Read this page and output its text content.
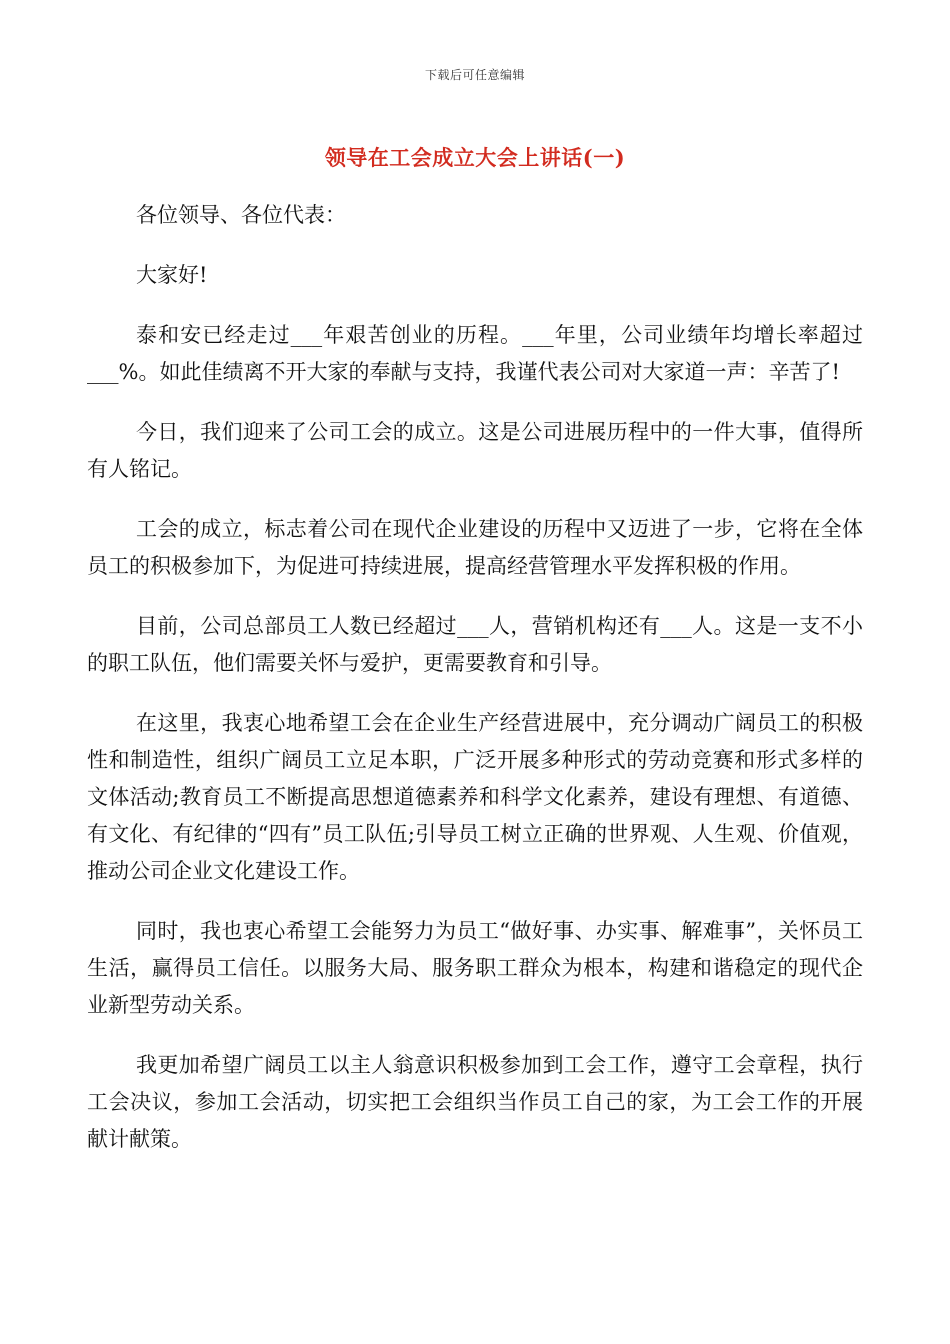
下载后可任意编辑
领导在工会成立大会上讲话(一)

各位领导、各位代表：

大家好!

泰和安已经走过___年艰苦创业的历程。___年里，公司业绩年均增长率超过___%。如此佳绩离不开大家的奉献与支持，我谨代表公司对大家道一声：辛苦了!

今日，我们迎来了公司工会的成立。这是公司进展历程中的一件大事，值得所有人铭记。

工会的成立，标志着公司在现代企业建设的历程中又迈进了一步，它将在全体员工的积极参加下，为促进可持续进展，提高经营管理水平发挥积极的作用。

目前，公司总部员工人数已经超过___人，营销机构还有___人。这是一支不小的职工队伍，他们需要关怀与爱护，更需要教育和引导。

在这里，我衷心地希望工会在企业生产经营进展中，充分调动广阔员工的积极性和制造性，组织广阔员工立足本职，广泛开展多种形式的劳动竞赛和形式多样的文体活动;教育员工不断提高思想道德素养和科学文化素养，建设有理想、有道德、有文化、有纪律的“四有”员工队伍;引导员工树立正确的世界观、人生观、价值观，推动公司企业文化建设工作。

同时，我也衷心希望工会能努力为员工“做好事、办实事、解难事”，关怀员工生活，赢得员工信任。以服务大局、服务职工群众为根本，构建和谐稳定的现代企业新型劳动关系。

我更加希望广阔员工以主人翁意识积极参加到工会工作，遵守工会章程，执行工会决议，参加工会活动，切实把工会组织当作员工自己的家，为工会工作的开展献计献策。
